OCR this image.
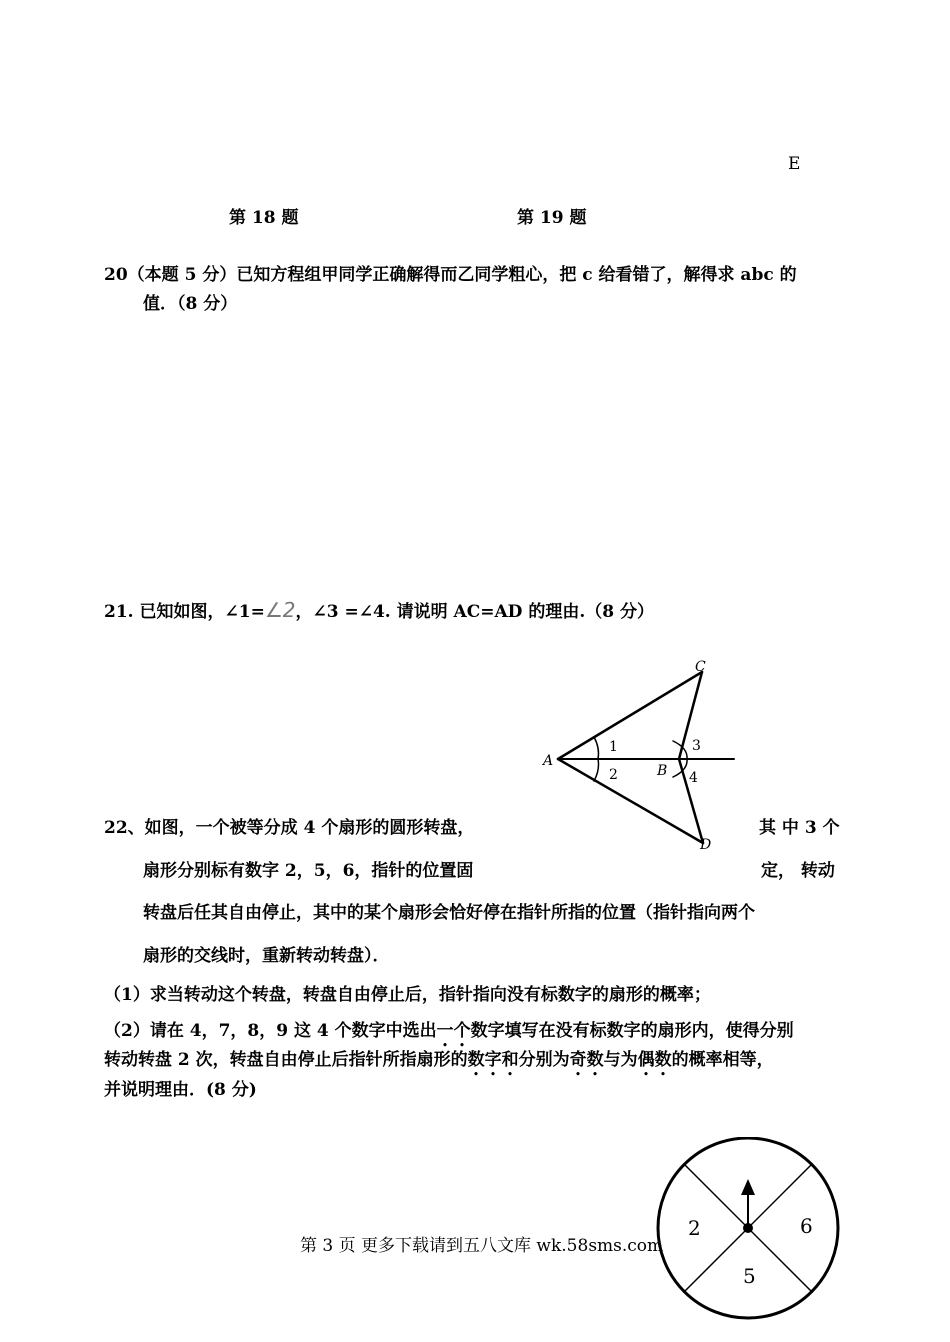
E
第 18 题	第 19 题
20（本题 5 分）已知方程组甲同学正确解得而乙同学粗心，把 c 给看错了，解得求 abc 的
值．（8 分）
21. 已知如图，∠1=∠2，∠3 =∠4. 请说明 AC=AD 的理由.（8 分）
A
B
C
D
1
2
3
4
22、如图，一个被等分成 4 个扇形的圆形转盘，	其 中 3 个
扇形分别标有数字 2，5，6，指针的位置固	定， 转动
转盘后任其自由停止，其中的某个扇形会恰好停在指针所指的位置（指针指向两个
扇形的交线时，重新转动转盘）．
（1）求当转动这个转盘，转盘自由停止后，指针指向没有标数字的扇形的概率；
（2）请在 4，7，8，9 这 4 个数字中选出一个数字填写在没有标数字的扇形内，使得分别
转动转盘 2 次，转盘自由停止后指针所指扇形的数字和分别为奇数与为偶数的概率相等，
并说明理由．(8 分)
2	6
5
第 3 页 更多下载请到五八文库 wk.58sms.com
